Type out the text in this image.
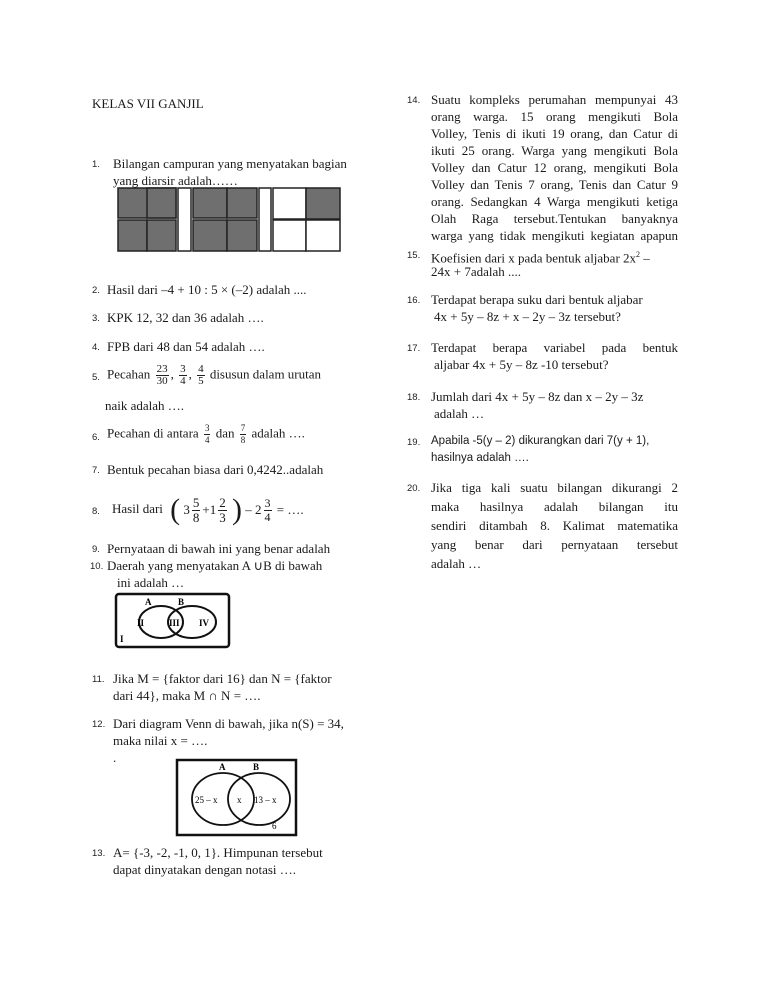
KELAS VII GANJIL
1. Bilangan campuran yang menyatakan bagian
yang diarsir adalah……
2. Hasil dari –4 + 10 : 5 × (–2) adalah ....
3. KPK 12, 32 dan 36 adalah ….
4. FPB dari 48 dan 54 adalah ….
5. Pecahan $\frac{23}{30}$ , $\frac{3}{4}$ , $\frac{4}{5}$ disusun dalam urutan
naik adalah ….
6. Pecahan di antara $\frac{3}{4}$ dan $\frac{7}{8}$ adalah ….
7. Bentuk pecahan biasa dari 0,4242..adalah
8. Hasil dari ( $3 \frac{5}{8} +1 \frac{2}{3}$ ) – $2 \frac{3}{4}$ = ….
9. Pernyataan di bawah ini yang benar adalah
10. Daerah yang menyatakan A ∪B di bawah
ini adalah …
A	B
I
II	III IV
11. Jika M = {faktor dari 16} dan N = {faktor
dari 44}, maka M ∩ N = ….
12. Dari diagram Venn di bawah, jika n(S) = 34,
maka nilai x = ….
.
A	B
25 – x x 13 – x
6
13. A= {-3, -2, -1, 0, 1}. Himpunan tersebut
dapat dinyatakan dengan notasi ….
14. Suatu kompleks perumahan mempunyai 43
orang warga. 15 orang mengikuti Bola
Volley, Tenis di ikuti 19 orang, dan Catur di
ikuti 25 orang. Warga yang mengikuti Bola
Volley dan Catur 12 orang, mengikuti Bola
Volley dan Tenis 7 orang, Tenis dan Catur 9
orang. Sedangkan 4 Warga mengikuti ketiga
Olah Raga tersebut.Tentukan banyaknya
warga yang tidak mengikuti kegiatan apapun
15. Koefisien dari x pada bentuk aljabar $2x^2$ –
24x + 7adalah ....
16. Terdapat berapa suku dari bentuk aljabar
4x + 5y – 8z + x – 2y – 3z tersebut?
17. Terdapat berapa variabel pada bentuk
aljabar 4x + 5y – 8z -10 tersebut?
18. Jumlah dari 4x + 5y – 8z dan x – 2y – 3z
adalah …
19. Apabila -5(y – 2) dikurangkan dari 7(y + 1),
hasilnya adalah ….
20. Jika tiga kali suatu bilangan dikurangi 2
maka hasilnya adalah bilangan itu
sendiri ditambah 8. Kalimat matematika
yang benar dari pernyataan tersebut
adalah …
